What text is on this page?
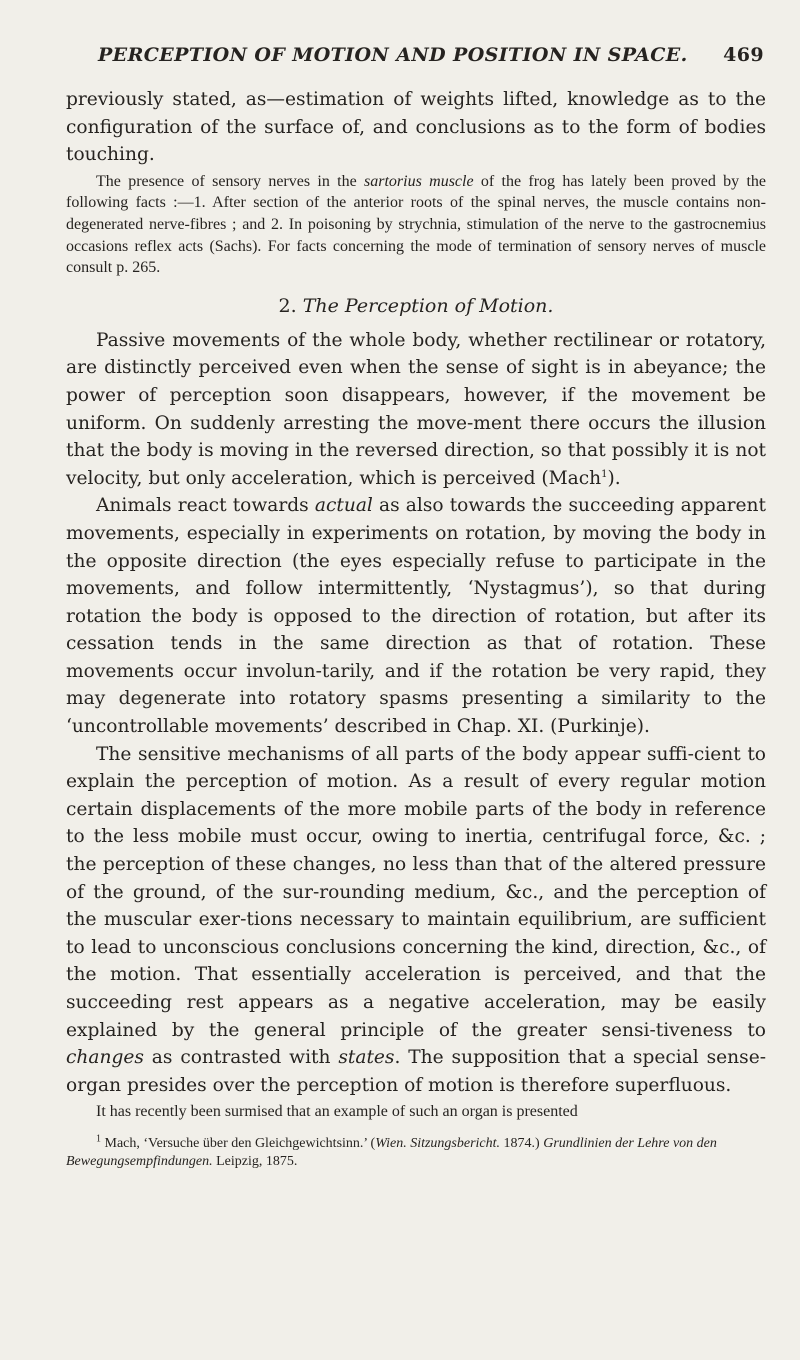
PERCEPTION OF MOTION AND POSITION IN SPACE. 469

previously stated, as—estimation of weights lifted, knowledge as to the configuration of the surface of, and conclusions as to the form of bodies touching.

The presence of sensory nerves in the sartorius muscle of the frog has lately been proved by the following facts :—1. After section of the anterior roots of the spinal nerves, the muscle contains non-degenerated nerve-fibres ; and 2. In poisoning by strychnia, stimulation of the nerve to the gastrocnemius occasions reflex acts (Sachs). For facts concerning the mode of termination of sensory nerves of muscle consult p. 265.

2. The Perception of Motion.

Passive movements of the whole body, whether rectilinear or rotatory, are distinctly perceived even when the sense of sight is in abeyance; the power of perception soon disappears, however, if the movement be uniform. On suddenly arresting the move-ment there occurs the illusion that the body is moving in the reversed direction, so that possibly it is not velocity, but only acceleration, which is perceived (Mach$^1$).

Animals react towards actual as also towards the succeeding apparent movements, especially in experiments on rotation, by moving the body in the opposite direction (the eyes especially refuse to participate in the movements, and follow intermittently, ‘Nystagmus’), so that during rotation the body is opposed to the direction of rotation, but after its cessation tends in the same direction as that of rotation. These movements occur involun-tarily, and if the rotation be very rapid, they may degenerate into rotatory spasms presenting a similarity to the ‘uncontrollable movements’ described in Chap. XI. (Purkinje).

The sensitive mechanisms of all parts of the body appear suffi-cient to explain the perception of motion. As a result of every regular motion certain displacements of the more mobile parts of the body in reference to the less mobile must occur, owing to inertia, centrifugal force, &c. ; the perception of these changes, no less than that of the altered pressure of the ground, of the sur-rounding medium, &c., and the perception of the muscular exer-tions necessary to maintain equilibrium, are sufficient to lead to unconscious conclusions concerning the kind, direction, &c., of the motion. That essentially acceleration is perceived, and that the succeeding rest appears as a negative acceleration, may be easily explained by the general principle of the greater sensi-tiveness to changes as contrasted with states. The supposition that a special sense-organ presides over the perception of motion is therefore superfluous.

It has recently been surmised that an example of such an organ is presented

$^1$ Mach, ‘Versuche über den Gleichgewichtsinn.’ (Wien. Sitzungsbericht. 1874.) Grundlinien der Lehre von den Bewegungsempfindungen. Leipzig, 1875.
